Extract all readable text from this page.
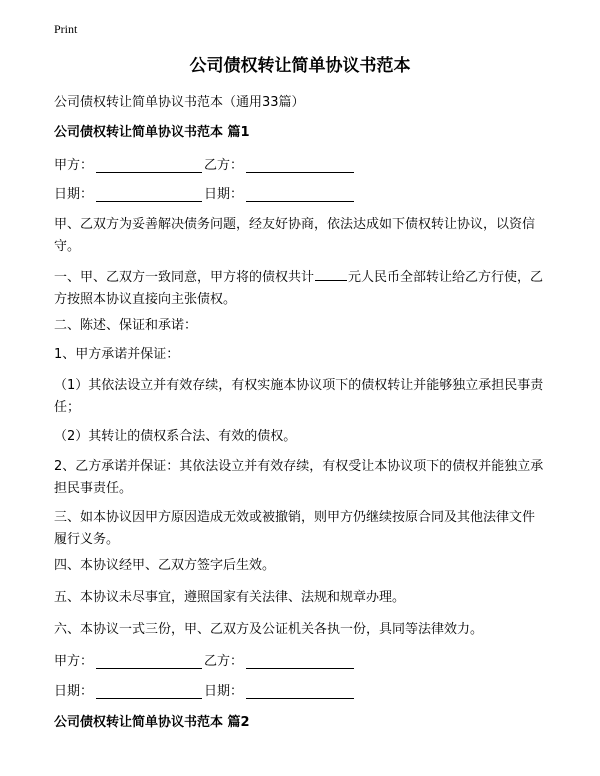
Print
公司债权转让简单协议书范本

公司债权转让简单协议书范本（通用33篇）

公司债权转让简单协议书范本 篇1

甲方：	乙方：
日期：	日期：

甲、乙双方为妥善解决债务问题，经友好协商，依法达成如下债权转让协议，以资信守。

一、甲、乙双方一致同意，甲方将的债权共计	元人民币全部转让给乙方行使，乙方按照本协议直接向主张债权。

二、陈述、保证和承诺：

1、甲方承诺并保证：

（1）其依法设立并有效存续，有权实施本协议项下的债权转让并能够独立承担民事责任；

（2）其转让的债权系合法、有效的债权。

2、乙方承诺并保证：其依法设立并有效存续，有权受让本协议项下的债权并能独立承担民事责任。

三、如本协议因甲方原因造成无效或被撤销，则甲方仍继续按原合同及其他法律文件履行义务。

四、本协议经甲、乙双方签字后生效。

五、本协议未尽事宜，遵照国家有关法律、法规和规章办理。

六、本协议一式三份，甲、乙双方及公证机关各执一份，具同等法律效力。

甲方：	乙方：
日期：	日期：

公司债权转让简单协议书范本 篇2
